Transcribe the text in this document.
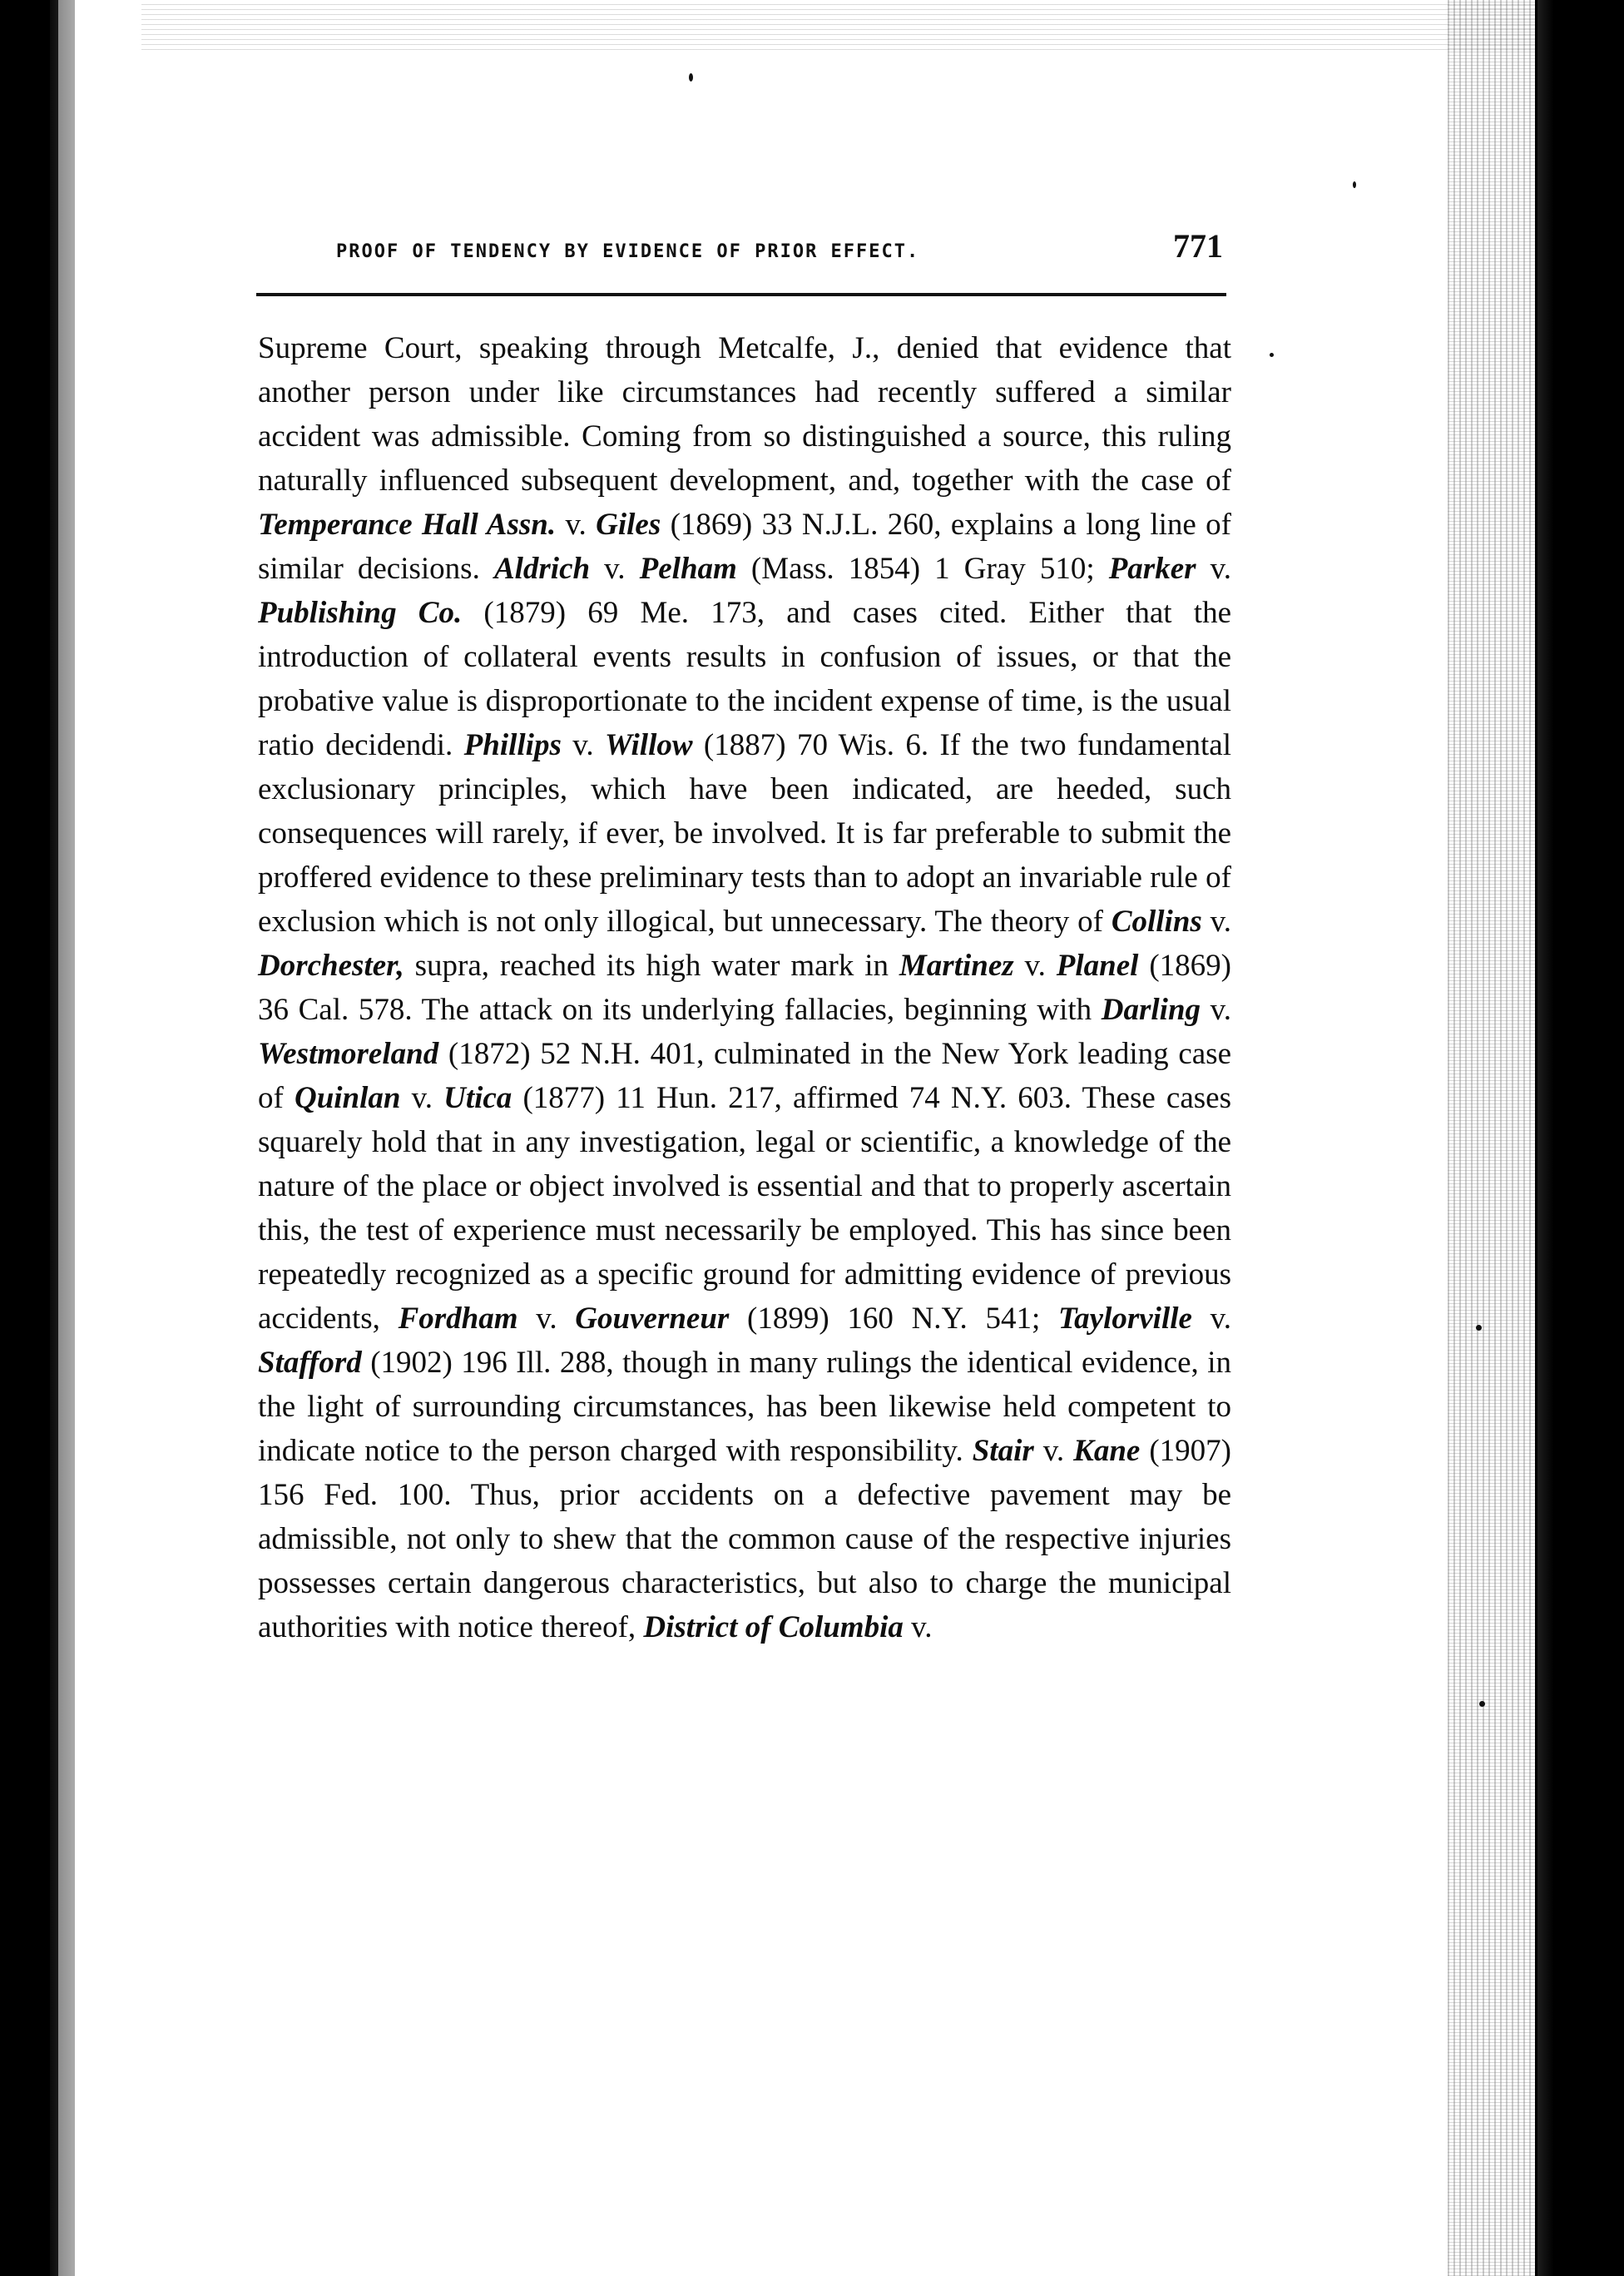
PROOF OF TENDENCY BY EVIDENCE OF PRIOR EFFECT.	771
Supreme Court, speaking through Metcalfe, J., denied that evidence that another person under like circumstances had recently suffered a similar accident was admissible. Coming from so distinguished a source, this ruling naturally influenced subsequent development, and, together with the case of Temperance Hall Assn. v. Giles (1869) 33 N.J.L. 260, explains a long line of similar decisions. Aldrich v. Pelham (Mass. 1854) 1 Gray 510; Parker v. Publishing Co. (1879) 69 Me. 173, and cases cited. Either that the introduction of collateral events results in confusion of issues, or that the probative value is disproportionate to the incident expense of time, is the usual ratio decidendi. Phillips v. Willow (1887) 70 Wis. 6. If the two fundamental exclusionary principles, which have been indicated, are heeded, such consequences will rarely, if ever, be involved. It is far preferable to submit the proffered evidence to these preliminary tests than to adopt an invariable rule of exclusion which is not only illogical, but unnecessary. The theory of Collins v. Dorchester, supra, reached its high water mark in Martinez v. Planel (1869) 36 Cal. 578. The attack on its underlying fallacies, beginning with Darling v. Westmoreland (1872) 52 N.H. 401, culminated in the New York leading case of Quinlan v. Utica (1877) 11 Hun. 217, affirmed 74 N.Y. 603. These cases squarely hold that in any investigation, legal or scientific, a knowledge of the nature of the place or object involved is essential and that to properly ascertain this, the test of experience must necessarily be employed. This has since been repeatedly recognized as a specific ground for admitting evidence of previous accidents, Fordham v. Gouverneur (1899) 160 N.Y. 541; Taylorville v. Stafford (1902) 196 Ill. 288, though in many rulings the identical evidence, in the light of surrounding circumstances, has been likewise held competent to indicate notice to the person charged with responsibility. Stair v. Kane (1907) 156 Fed. 100. Thus, prior accidents on a defective pavement may be admissible, not only to shew that the common cause of the respective injuries possesses certain dangerous characteristics, but also to charge the municipal authorities with notice thereof, District of Columbia v.
